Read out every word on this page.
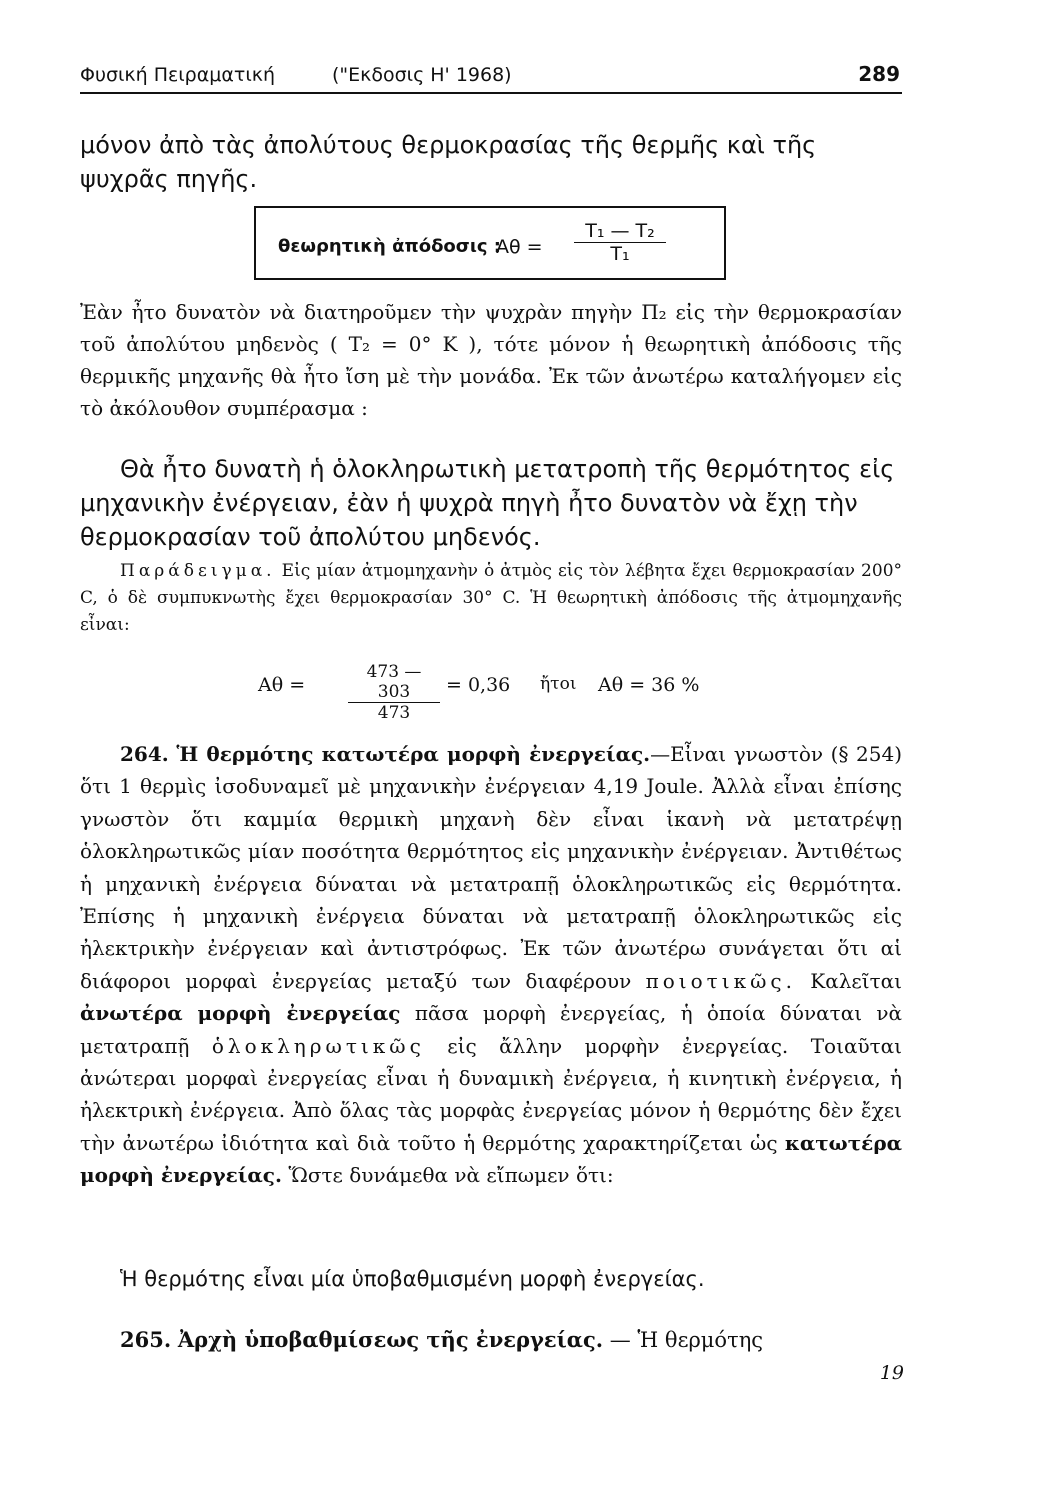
Φυσική Πειραματική	("Εκδοσις Η' 1968)	289
μόνον ἀπὸ τὰς ἀπολύτους θερμοκρασίας τῆς θερμῆς καὶ τῆς ψυχρᾶς πηγῆς.
θεωρητικὴ ἀπόδοσις :
$A\theta = \frac{\text{T₁ — T₂}}{\text{T₁}}$
Ἐὰν ἦτο δυνατὸν νὰ διατηροῦμεν τὴν ψυχρὰν πηγὴν Π₂ εἰς τὴν θερμοκρασίαν τοῦ ἀπολύτου μηδενὸς ( T₂ = 0° K ), τότε μόνον ἡ θεωρητικὴ ἀπόδοσις τῆς θερμικῆς μηχανῆς θὰ ἦτο ἴση μὲ τὴν μονάδα. Ἐκ τῶν ἀνωτέρω καταλήγομεν εἰς τὸ ἀκόλουθον συμπέρασμα :
Θὰ ἦτο δυνατὴ ἡ ὁλοκληρωτικὴ μετατροπὴ τῆς θερμότητος εἰς μηχανικὴν ἐνέργειαν, ἐὰν ἡ ψυχρὰ πηγὴ ἦτο δυνατὸν νὰ ἔχῃ τὴν θερμοκρασίαν τοῦ ἀπολύτου μηδενός.
Παράδειγμα. Εἰς μίαν ἀτμομηχανὴν ὁ ἀτμὸς εἰς τὸν λέβητα ἔχει θερμοκρασίαν 200° C, ὁ δὲ συμπυκνωτὴς ἔχει θερμοκρασίαν 30° C. Ἡ θεωρητικὴ ἀπόδοσις τῆς ἀτμομηχανῆς εἶναι:
Aθ =	$\frac{473 — 303}{473} = 0,36$ ἤτοι Aθ = 36 %
264. Ἡ θερμότης κατωτέρα μορφὴ ἐνεργείας.—Εἶναι γνωστὸν (§ 254) ὅτι 1 θερμὶς ἰσοδυναμεῖ μὲ μηχανικὴν ἐνέργειαν 4,19 Joule. Ἀλλὰ εἶναι ἐπίσης γνωστὸν ὅτι καμμία θερμικὴ μηχανὴ δὲν εἶναι ἱκανὴ νὰ μετατρέψῃ ὁλοκληρωτικῶς μίαν ποσότητα θερμότητος εἰς μηχανικὴν ἐνέργειαν. Ἀντιθέτως ἡ μηχανικὴ ἐνέργεια δύναται νὰ μετατραπῇ ὁλοκληρωτικῶς εἰς θερμότητα. Ἐπίσης ἡ μηχανικὴ ἐνέργεια δύναται νὰ μετατραπῇ ὁλοκληρωτικῶς εἰς ἠλεκτρικὴν ἐνέργειαν καὶ ἀντιστρόφως. Ἐκ τῶν ἀνωτέρω συνάγεται ὅτι αἱ διάφοροι μορφαὶ ἐνεργείας μεταξύ των διαφέρουν ποιοτικῶς. Καλεῖται ἀνωτέρα μορφὴ ἐνεργείας πᾶσα μορφὴ ἐνεργείας, ἡ ὁποία δύναται νὰ μετατραπῇ ὁλοκληρωτικῶς εἰς ἄλλην μορφὴν ἐνεργείας. Τοιαῦται ἀνώτεραι μορφαὶ ἐνεργείας εἶναι ἡ δυναμικὴ ἐνέργεια, ἡ κινητικὴ ἐνέργεια, ἡ ἠλεκτρικὴ ἐνέργεια. Ἀπὸ ὅλας τὰς μορφὰς ἐνεργείας μόνον ἡ θερμότης δὲν ἔχει τὴν ἀνωτέρω ἰδιότητα καὶ διὰ τοῦτο ἡ θερμότης χαρακτηρίζεται ὡς κατωτέρα μορφὴ ἐνεργείας. Ὥστε δυνάμεθα νὰ εἴπωμεν ὅτι:
Ἡ θερμότης εἶναι μία ὑποβαθμισμένη μορφὴ ἐνεργείας.
265. Ἀρχὴ ὑποβαθμίσεως τῆς ἐνεργείας. — Ἡ θερμότης
19
